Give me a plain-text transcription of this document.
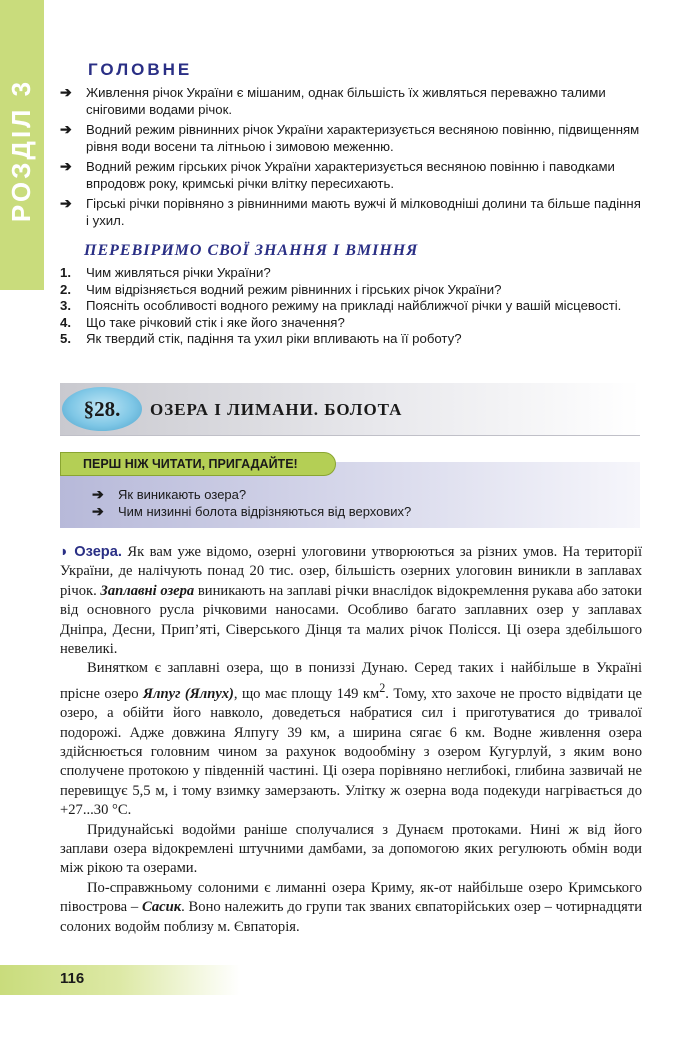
РОЗДІЛ 3
ГОЛОВНЕ
➔	Живлення річок України є мішаним, однак більшість їх живляться переважно талими сніговими водами річок.
➔	Водний режим рівнинних річок України характеризується весняною повінню, підвищенням рівня води восени та літньою і зимовою меженню.
➔	Водний режим гірських річок України характеризується весняною повінню і паводками впродовж року, кримські річки влітку пересихають.
➔	Гірські річки порівняно з рівнинними мають вужчі й мілководніші долини та більше падіння і ухил.
ПЕРЕВІРИМО СВОЇ ЗНАННЯ І ВМІННЯ
1.	Чим живляться річки України?
2.	Чим відрізняється водний режим рівнинних і гірських річок України?
3.	Поясніть особливості водного режиму на прикладі найближчої річки у вашій місцевості.
4.	Що таке річковий стік і яке його значення?
5.	Як твердий стік, падіння та ухил ріки впливають на її роботу?
§28. ОЗЕРА І ЛИМАНИ. БОЛОТА
ПЕРШ НІЖ ЧИТАТИ, ПРИГАДАЙТЕ!
➔	Як виникають озера?
➔	Чим низинні болота відрізняються від верхових?

◗ Озера. Як вам уже відомо, озерні улоговини утворюються за різних умов. На території України, де налічують понад 20 тис. озер, більшість озерних улоговин виникли в заплавах річок. Заплавні озера виникають на заплаві річки внаслідок відокремлення рукава або затоки від основного русла річковими наносами. Особливо багато заплавних озер у заплавах Дніпра, Десни, Прип’яті, Сіверського Дінця та малих річок Полісся. Ці озера здебільшого невеликі.

Винятком є заплавні озера, що в пониззі Дунаю. Серед таких і найбільше в Україні прісне озеро Ялпуг (Ялпух), що має площу 149 $км^2$. Тому, хто захоче не просто відвідати це озеро, а обійти його навколо, доведеться набратися сил і приготуватися до тривалої подорожі. Адже довжина Ялпугу 39 км, а ширина сягає 6 км. Водне живлення озера здійснюється головним чином за рахунок водообміну з озером Кугурлуй, з яким воно сполучене протокою у південній частині. Ці озера порівняно неглибокі, глибина зазвичай не перевищує 5,5 м, і тому взимку замерзають. Улітку ж озерна вода подекуди нагрівається до +27...30 °С.

Придунайські водойми раніше сполучалися з Дунаєм протоками. Нині ж від його заплави озера відокремлені штучними дамбами, за допомогою яких регулюють обмін води між рікою та озерами.

По-справжньому солоними є лиманні озера Криму, як-от найбільше озеро Кримського півострова – Сасик. Воно належить до групи так званих євпаторійських озер – чотирнадцяти солоних водойм поблизу м. Євпаторія.

116
